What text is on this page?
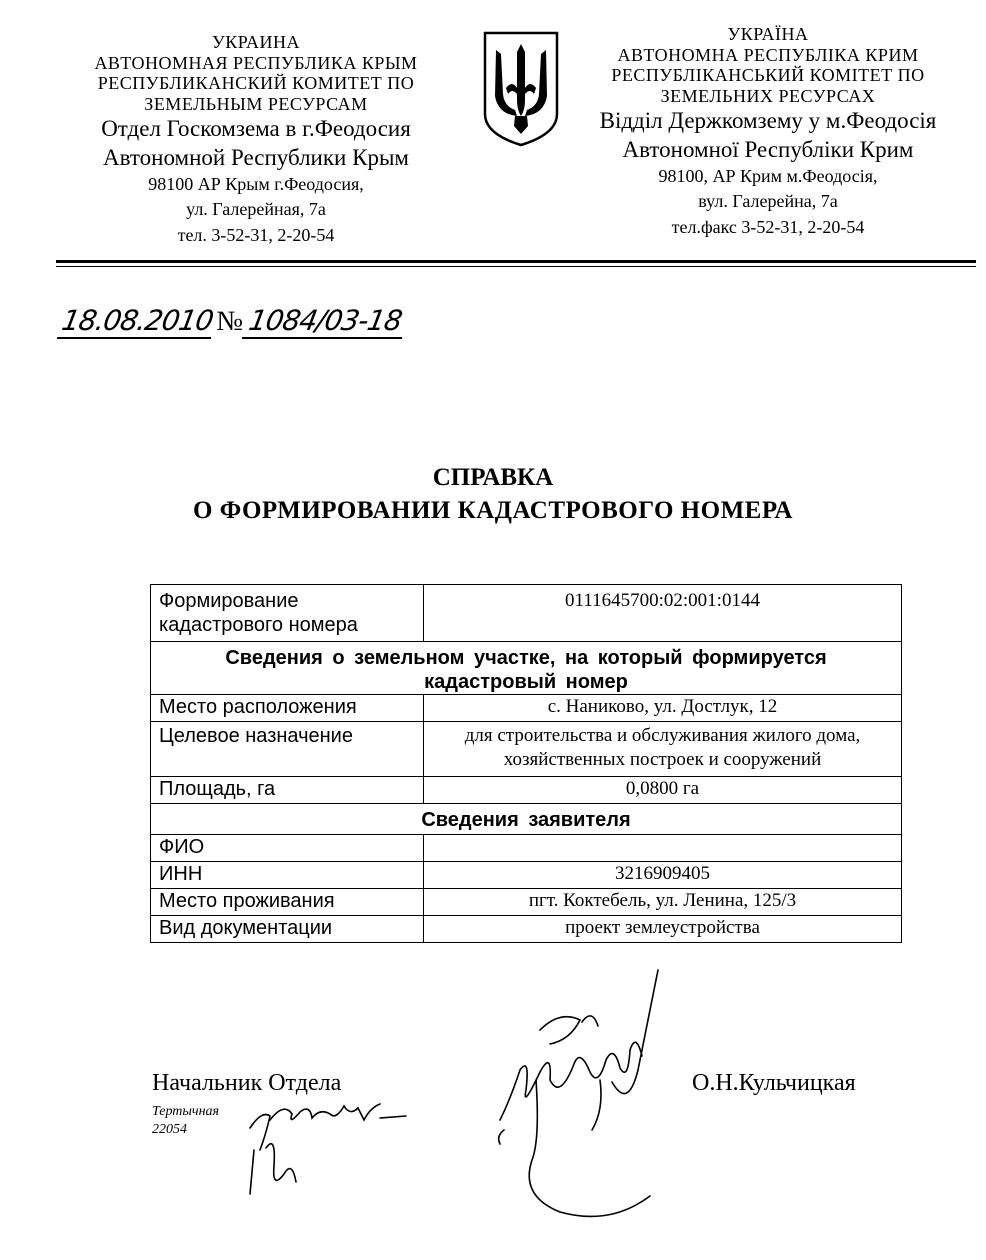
УКРАИНА
АВТОНОМНАЯ РЕСПУБЛИКА КРЫМ
РЕСПУБЛИКАНСКИЙ КОМИТЕТ ПО
ЗЕМЕЛЬНЫМ РЕСУРСАМ
Отдел Госкомзема в г.Феодосия
Автономной Республики Крым
98100 АР Крым г.Феодосия,
ул. Галерейная, 7а
тел. 3-52-31, 2-20-54
УКРАЇНА
АВТОНОМНА РЕСПУБЛІКА КРИМ
РЕСПУБЛІКАНСЬКИЙ КОМІТЕТ ПО
ЗЕМЕЛЬНИХ РЕСУРСАХ
Відділ Держкомзему у м.Феодосія
Автономної Республіки Крим
98100, АР Крим м.Феодосія,
вул. Галерейна, 7а
тел.факс 3-52-31, 2-20-54
18.08.2010№ 1084/03-18
СПРАВКА
О ФОРМИРОВАНИИ КАДАСТРОВОГО НОМЕРА
Формирование кадастрового номера	0111645700:02:001:0144
Сведения о земельном участке, на который формируется кадастровый номер	
Место расположения	с. Наниково, ул. Достлук, 12
Целевое назначение	для строительства и обслуживания жилого дома, хозяйственных построек и сооружений
Площадь, га	0,0800 га
Сведения заявителя	
ФИО	
ИНН	3216909405
Место проживания	пгт. Коктебель, ул. Ленина, 125/3
Вид документации	проект землеустройства
Начальник Отдела	О.Н.Кульчицкая
Тертычная
22054
